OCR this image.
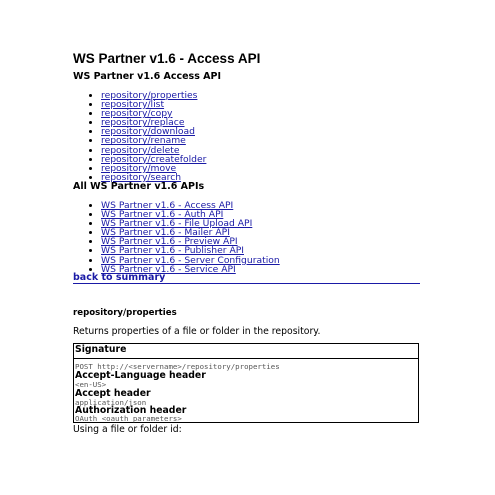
WS Partner v1.6 - Access API
WS Partner v1.6 Access API
repository/properties
repository/list
repository/copy
repository/replace
repository/download
repository/rename
repository/delete
repository/createfolder
repository/move
repository/search
All WS Partner v1.6 APIs
WS Partner v1.6 - Access API
WS Partner v1.6 - Auth API
WS Partner v1.6 - File Upload API
WS Partner v1.6 - Mailer API
WS Partner v1.6 - Preview API
WS Partner v1.6 - Publisher API
WS Partner v1.6 - Server Configuration
WS Partner v1.6 - Service API
back to summary
repository/properties
Returns properties of a file or folder in the repository.
Signature
POST http://<servername>/repository/properties
Accept-Language header
<en-US>
Accept header
application/json
Authorization header
OAuth <oauth parameters>
Using a file or folder id:
